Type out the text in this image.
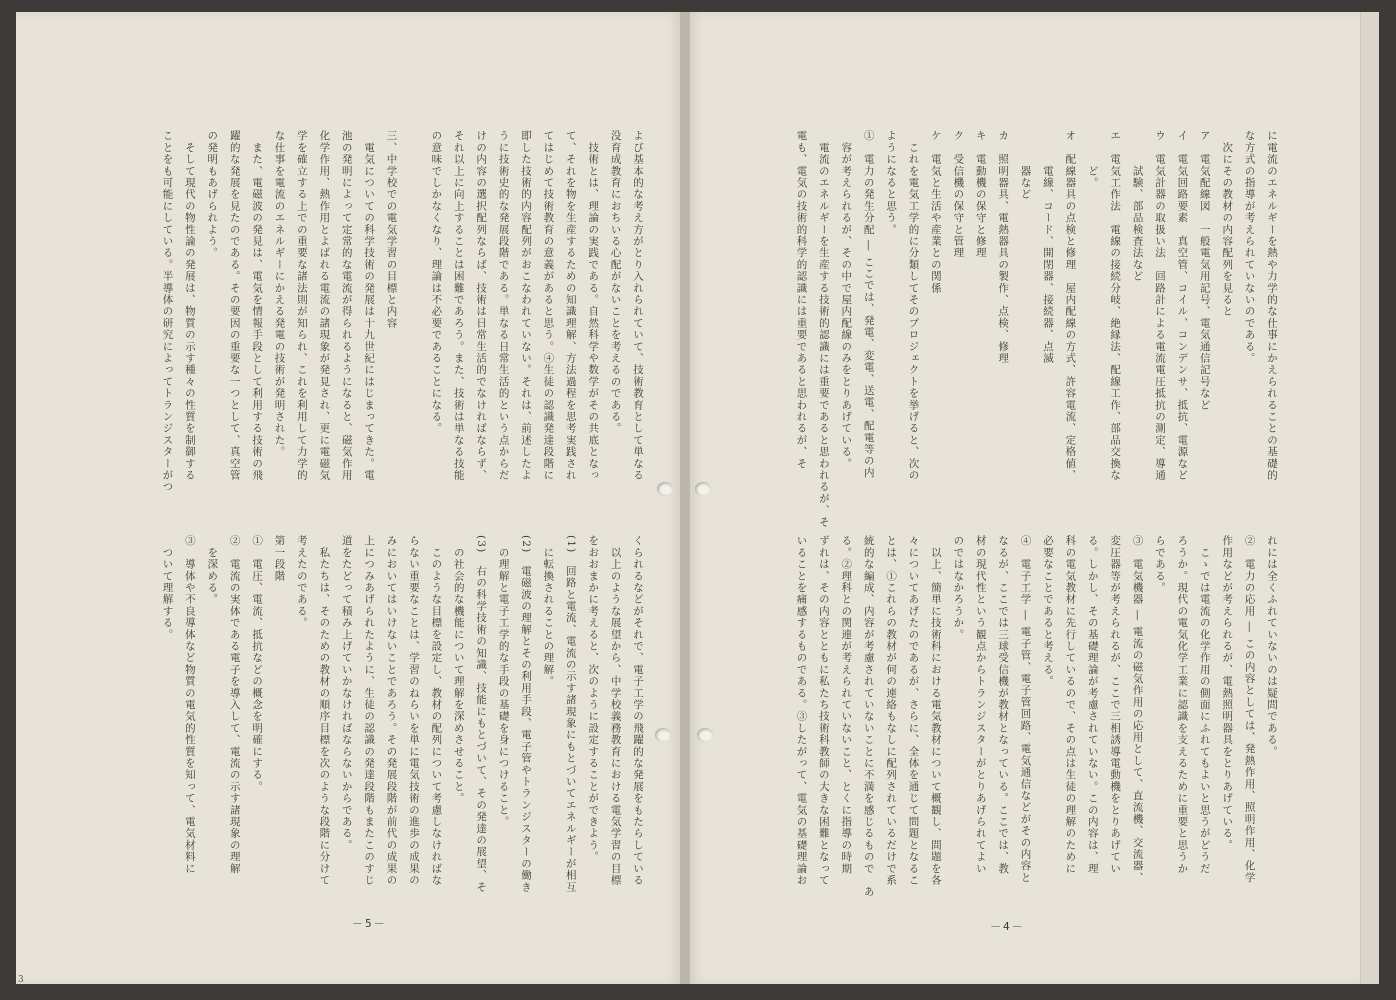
に電流のエネルギーを熱や力学的な仕事にかえられることの基礎的

な方式の指導が考えられていないのである。

　次にその教材の内容配列を見ると

ア　電気配線図　一般電気用記号、電気通信記号など

イ　電気回路要素　真空管、コイル、コンデンサ、抵抗、電源など

ウ　電気計器の取扱い法　回路計による電流電圧抵抗の測定、導通

　　　試験、部品検査法など

エ　電気工作法　電線の接続分岐、絶縁法、配線工作、部品交換な

　　　ど。

オ　配線器具の点検と修理　屋内配線の方式、許容電流、定格値、

　　　電線、コード、開閉器、接続器、点滅

　　　器など

カ　照明器具、電熱器具の製作、点検、修理

キ　電動機の保守と修理

ク　受信機の保守と管理

ケ　電気と生活や産業との関係

　これを電気工学的に分類してそのプロジェクトを挙げると、次の

ようになると思う。

①　電力の発生分配 ― ここでは、発電、変電、送電、配電等の内

　容が考えられるが、その中で屋内配線のみをとりあげている。

　電流のエネルギーを生産する技術的認識には重要であると思われるが、そ

電も、電気の技術的科学的認識には重要であると思われるが、そ

れには全くふれていないのは疑問である。

②　電力の応用 ― この内容としては、発熱作用、照明作用、化学

作用などが考えられるが、電熱照明器具をとりあげている。

　こゝでは電流の化学作用の側面にふれてもよいと思うがどうだ

ろうか。現代の電気化学工業に認識を支えるために重要と思うか

らである。

③　電気機器 ― 電流の磁気作用の応用として、直流機、交流器、

変圧器等が考えられるが、ここで三相誘導電動機をとりあげてい

る。しかし、その基礎理論が考慮されていない。この内容は、理

科の電気教材に先行しているので、その点は生徒の理解のために

必要なことであると考える。

④　電子工学 ― 電子管、電子管回路、電気通信などがその内容と

なるが、ここでは三球受信機が教材となっている。ここでは、教

材の現代性という観点からトランジスターがとりあげられてよい

のではなかろうか。

　以上、簡単に技術科における電気教材について概観し、問題を各

々についてあげたのであるが、さらに、全体を通じて問題となるこ

とは、①これらの教材が何の連絡もなしに配列されているだけで系

統的な編成、内容が考慮されていないことに不満を感じるもので　あ

る。②理科との関連が考えられていないこと、とくに指導の時期

ずれは、その内容とともに私たち技術科教師の大きな困難となって

いることを痛感するものである。③したがって、電気の基礎理論お

－4－

よび基本的な考え方がとり入れられていて、技術教育として単なる

没育成教育におちいる心配がないことを考えるのである。

　技術とは、理論の実践である。自然科学や数学がその共底となっ

て、それを物を生産するための知識理解、方法過程を思考実践され

てはじめて技術教育の意義があると思う。④生徒の認識発達段階に

即した技術的内容配列がおこなわれていない。それは、前述したよ

うに技術史的な発展段階である。単なる日常生活的という点からだ

けの内容の選択配列ならば、技術は日常生活的でなければならず、

それ以上に向上することは困難であろう。また、技術は単なる技能

の意味でしかなくなり、理論は不必要であることになる。

三、中学校での電気学習の目標と内容

　電気についての科学技術の発展は十九世紀にはじまってきた。電

池の発明によって定常的な電流が得られるようになると、磁気作用

化学作用、熱作用とよばれる電流の諸現象が発見され、更に電磁気

学を確立する上での重要な諸法則が知られ、これを利用して力学的

な仕事を電流のエネルギーにかえる発電の技術が発明された。

　また、電磁波の発見は、電気を情報手段として利用する技術の飛

躍的な発展を見たのである。その要因の重要な一つとして、真空管

の発明もあげられよう。

　そして現代の物性論の発展は、物質の示す種々の性質を制御する

ことをも可能にしている。半導体の研究によってトランジスターがつ

くられるなどがそれで、電子工学の飛躍的な発展をもたらしている

　以上のような展望から、中学校義務教育における電気学習の目標

をおおまかに考えると、次のように設定することができよう。

(1)　回路と電流、電流の示す諸現象にもとづいてエネルギーが相互

　に転換されることの理解。

(2)　電磁波の理解とその利用手段、電子管やトランジスターの働き

　の理解と電子工学的な手段の基礎を身につけること。

(3)　右の科学技術の知識、技能にもとづいて、その発達の展望、そ

　の社会的な機能について理解を深めさせること。

　このような目標を設定し、教材の配列について考慮しなければな

らない重要なことは、学習のねらいを単に電気技術の進歩の成果の

みにおいてはいけないことであろう。その発展段階が前代の成果の

上につみあげられたように、生徒の認識の発達段階もまたこのすじ

道をたどって積み上げていかなければならないからである。

　私たちは、そのための教材の順序目標を次のような段階に分けて

考えたのである。

第一段階

①　電圧、電流、抵抗などの概念を明確にする。

②　電流の実体である電子を導入して、電流の示す諸現象の理解

　を深める。

③　導体や不良導体など物質の電気的性質を知って、電気材料に

　ついて理解する。

－5－
3
